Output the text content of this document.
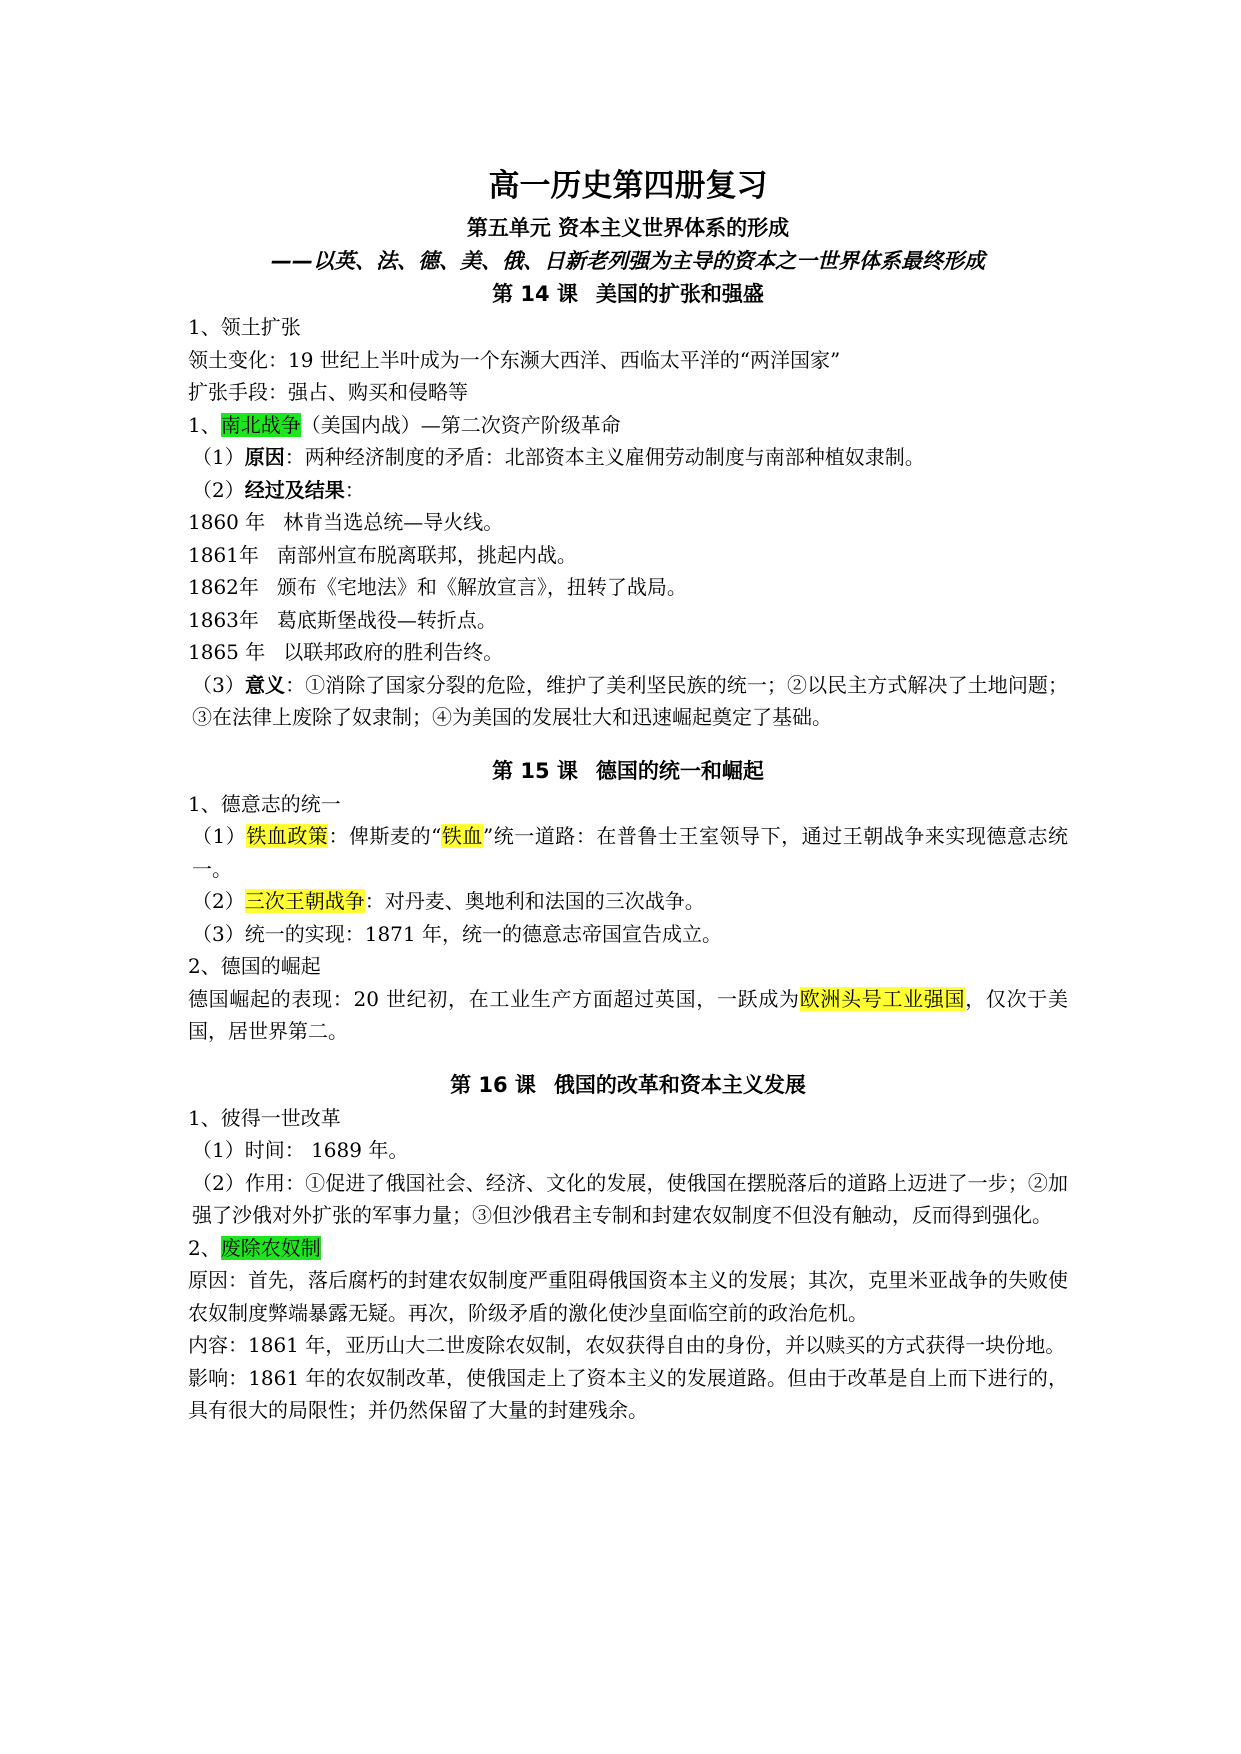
高一历史第四册复习
第五单元 资本主义世界体系的形成
——以英、法、德、美、俄、日新老列强为主导的资本之一世界体系最终形成
第 14 课 美国的扩张和强盛

1、领土扩张

领土变化：19 世纪上半叶成为一个东濒大西洋、西临太平洋的“两洋国家”

扩张手段：强占、购买和侵略等

1、南北战争（美国内战）—第二次资产阶级革命

（1）原因：两种经济制度的矛盾：北部资本主义雇佣劳动制度与南部种植奴隶制。

（2）经过及结果：

1860 年 林肯当选总统—导火线。

1861年 南部州宣布脱离联邦，挑起内战。

1862年 颁布《宅地法》和《解放宣言》，扭转了战局。

1863年 葛底斯堡战役—转折点。

1865 年 以联邦政府的胜利告终。

（3）意义：①消除了国家分裂的危险，维护了美利坚民族的统一；②以民主方式解决了土地问题；③在法律上废除了奴隶制；④为美国的发展壮大和迅速崛起奠定了基础。

第 15 课 德国的统一和崛起

1、德意志的统一

（1）铁血政策：俾斯麦的“铁血”统一道路：在普鲁士王室领导下，通过王朝战争来实现德意志统一。

（2）三次王朝战争：对丹麦、奥地利和法国的三次战争。

（3）统一的实现：1871 年，统一的德意志帝国宣告成立。

2、德国的崛起

德国崛起的表现：20 世纪初，在工业生产方面超过英国，一跃成为欧洲头号工业强国，仅次于美国，居世界第二。

第 16 课 俄国的改革和资本主义发展

1、彼得一世改革

（1）时间： 1689 年。

（2）作用：①促进了俄国社会、经济、文化的发展，使俄国在摆脱落后的道路上迈进了一步；②加强了沙俄对外扩张的军事力量；③但沙俄君主专制和封建农奴制度不但没有触动，反而得到强化。

2、废除农奴制

原因：首先，落后腐朽的封建农奴制度严重阻碍俄国资本主义的发展；其次，克里米亚战争的失败使农奴制度弊端暴露无疑。再次，阶级矛盾的激化使沙皇面临空前的政治危机。

内容：1861 年，亚历山大二世废除农奴制，农奴获得自由的身份，并以赎买的方式获得一块份地。

影响：1861 年的农奴制改革，使俄国走上了资本主义的发展道路。但由于改革是自上而下进行的，具有很大的局限性；并仍然保留了大量的封建残余。
